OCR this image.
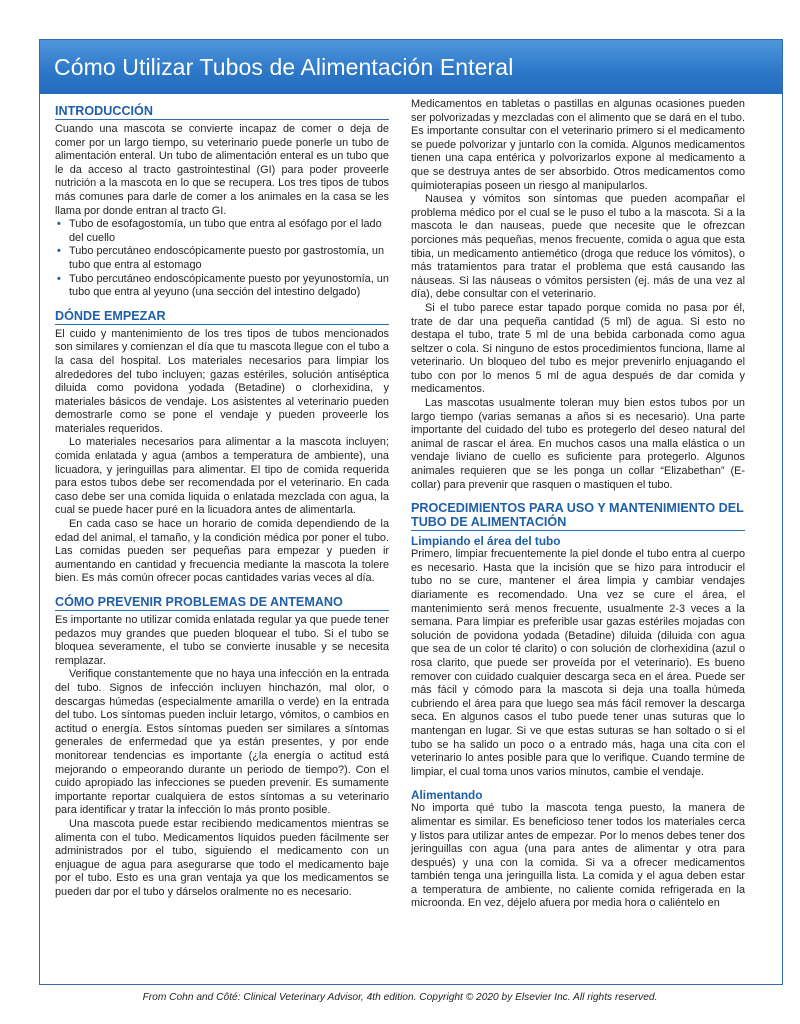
Cómo Utilizar Tubos de Alimentación Enteral
INTRODUCCIÓN

Cuando una mascota se convierte incapaz de comer o deja de comer por un largo tiempo, su veterinario puede ponerle un tubo de alimentación enteral. Un tubo de alimentación enteral es un tubo que le da acceso al tracto gastrointestinal (GI) para poder proveerle nutrición a la mascota en lo que se recupera. Los tres tipos de tubos más comunes para darle de comer a los animales en la casa se les llama por donde entran al tracto GI.

• Tubo de esofagostomía, un tubo que entra al esófago por el lado del cuello
• Tubo percutáneo endoscópicamente puesto por gastrostomía, un tubo que entra al estomago
• Tubo percutáneo endoscópicamente puesto por yeyunostomía, un tubo que entra al yeyuno (una sección del intestino delgado)
DÓNDE EMPEZAR

El cuido y mantenimiento de los tres tipos de tubos mencionados son similares y comienzan el día que tu mascota llegue con el tubo a la casa del hospital. Los materiales necesarios para limpiar los alrededores del tubo incluyen; gazas estériles, solución antiséptica diluida como povidona yodada (Betadine) o clorhexidina, y materiales básicos de vendaje. Los asistentes al veterinario pueden demostrarle como se pone el vendaje y pueden proveerle los materiales requeridos.

Lo materiales necesarios para alimentar a la mascota incluyen; comida enlatada y agua (ambos a temperatura de ambiente), una licuadora, y jeringuillas para alimentar. El tipo de comida requerida para estos tubos debe ser recomendada por el veterinario. En cada caso debe ser una comida liquida o enlatada mezclada con agua, la cual se puede hacer puré en la licuadora antes de alimentarla.

En cada caso se hace un horario de comida dependiendo de la edad del animal, el tamaño, y la condición médica por poner el tubo. Las comidas pueden ser pequeñas para empezar y pueden ir aumentando en cantidad y frecuencia mediante la mascota la tolere bien. Es más común ofrecer pocas cantidades varias veces al día.

CÓMO PREVENIR PROBLEMAS DE ANTEMANO

Es importante no utilizar comida enlatada regular ya que puede tener pedazos muy grandes que pueden bloquear el tubo. Si el tubo se bloquea severamente, el tubo se convierte inusable y se necesita remplazar.

Verifique constantemente que no haya una infección en la entrada del tubo. Signos de infección incluyen hinchazón, mal olor, o descargas húmedas (especialmente amarilla o verde) en la entrada del tubo. Los síntomas pueden incluir letargo, vómitos, o cambios en actitud o energía. Estos síntomas pueden ser similares a síntomas generales de enfermedad que ya están presentes, y por ende monitorear tendencias es importante (¿la energía o actitud está mejorando o empeorando durante un periodo de tiempo?). Con el cuido apropiado las infecciones se pueden prevenir. Es sumamente importante reportar cualquiera de estos síntomas a su veterinario para identificar y tratar la infección lo más pronto posible.

Una mascota puede estar recibiendo medicamentos mientras se alimenta con el tubo. Medicamentos líquidos pueden fácilmente ser administrados por el tubo, siguiendo el medicamento con un enjuague de agua para asegurarse que todo el medicamento baje por el tubo. Esto es una gran ventaja ya que los medicamentos se pueden dar por el tubo y dárselos oralmente no es necesario.

Medicamentos en tabletas o pastillas en algunas ocasiones pueden ser polvorizadas y mezcladas con el alimento que se dará en el tubo. Es importante consultar con el veterinario primero si el medicamento se puede polvorizar y juntarlo con la comida. Algunos medicamentos tienen una capa entérica y polvorizarlos expone al medicamento a que se destruya antes de ser absorbido. Otros medicamentos como quimioterapias poseen un riesgo al manipularlos.

Nausea y vómitos son síntomas que pueden acompañar el problema médico por el cual se le puso el tubo a la mascota. Si a la mascota le dan nauseas, puede que necesite que le ofrezcan porciones más pequeñas, menos frecuente, comida o agua que esta tibia, un medicamento antiemético (droga que reduce los vómitos), o más tratamientos para tratar el problema que está causando las náuseas. Si las náuseas o vómitos persisten (ej. más de una vez al día), debe consultar con el veterinario.

Si el tubo parece estar tapado porque comida no pasa por él, trate de dar una pequeña cantidad (5 ml) de agua. Si esto no destapa el tubo, trate 5 ml de una bebida carbonada como agua seltzer o cola. Si ninguno de estos procedimientos funciona, llame al veterinario. Un bloqueo del tubo es mejor prevenirlo enjuagando el tubo con por lo menos 5 ml de agua después de dar comida y medicamentos.

Las mascotas usualmente toleran muy bien estos tubos por un largo tiempo (varias semanas a años si es necesario). Una parte importante del cuidado del tubo es protegerlo del deseo natural del animal de rascar el área. En muchos casos una malla elástica o un vendaje liviano de cuello es suficiente para protegerlo. Algunos animales requieren que se les ponga un collar “Elizabethan” (E-collar) para prevenir que rasquen o mastiquen el tubo.

PROCEDIMIENTOS PARA USO Y MANTENIMIENTO DEL TUBO DE ALIMENTACIÓN
Limpiando el área del tubo

Primero, limpiar frecuentemente la piel donde el tubo entra al cuerpo es necesario. Hasta que la incisión que se hizo para introducir el tubo no se cure, mantener el área limpia y cambiar vendajes diariamente es recomendado. Una vez se cure el área, el mantenimiento será menos frecuente, usualmente 2-3 veces a la semana. Para limpiar es preferible usar gazas estériles mojadas con solución de povidona yodada (Betadine) diluida (diluida con agua que sea de un color té clarito) o con solución de clorhexidina (azul o rosa clarito, que puede ser proveída por el veterinario). Es bueno remover con cuidado cualquier descarga seca en el área. Puede ser más fácil y cómodo para la mascota si deja una toalla húmeda cubriendo el área para que luego sea más fácil remover la descarga seca. En algunos casos el tubo puede tener unas suturas que lo mantengan en lugar. Si ve que estas suturas se han soltado o si el tubo se ha salido un poco o a entrado más, haga una cita con el veterinario lo antes posible para que lo verifique. Cuando termine de limpiar, el cual toma unos varios minutos, cambie el vendaje.

Alimentando

No importa qué tubo la mascota tenga puesto, la manera de alimentar es similar. Es beneficioso tener todos los materiales cerca y listos para utilizar antes de empezar. Por lo menos debes tener dos jeringuillas con agua (una para antes de alimentar y otra para después) y una con la comida. Si va a ofrecer medicamentos también tenga una jeringuilla lista. La comida y el agua deben estar a temperatura de ambiente, no caliente comida refrigerada en la microonda. En vez, déjelo afuera por media hora o caliéntelo en

From Cohn and Côté: Clinical Veterinary Advisor, 4th edition. Copyright © 2020 by Elsevier Inc. All rights reserved.
